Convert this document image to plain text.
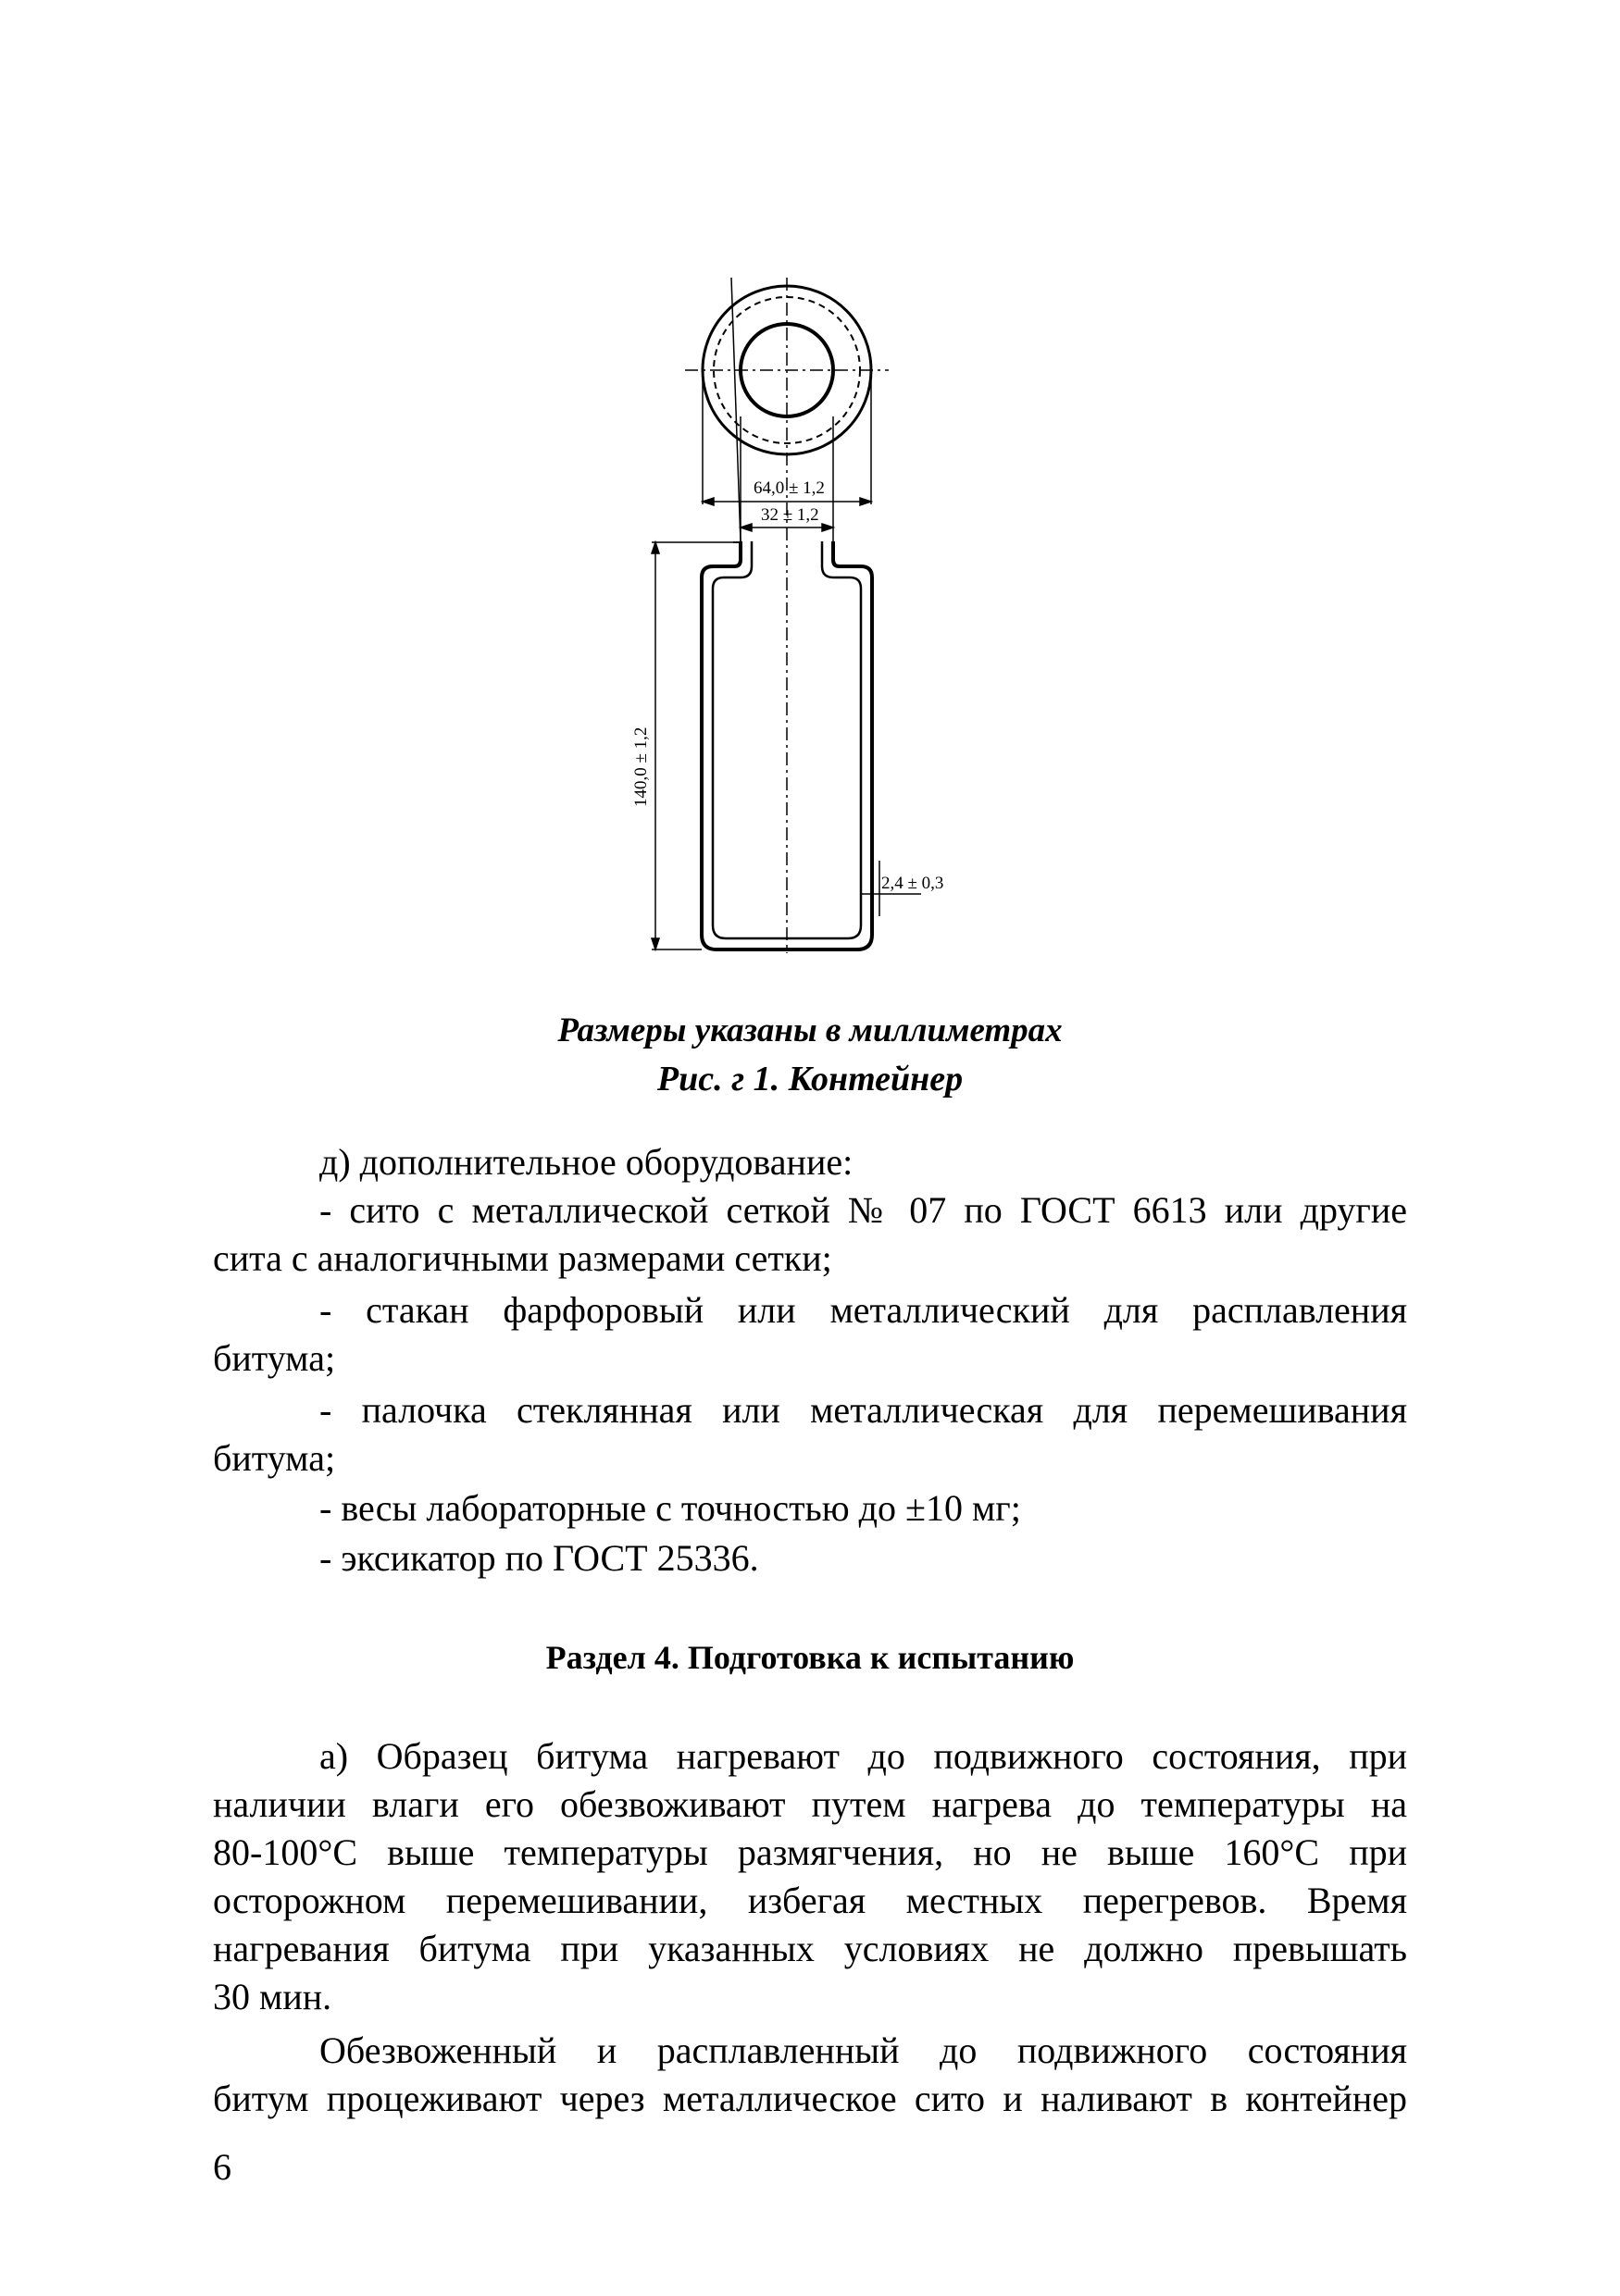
64,0 ± 1,2
32 ± 1,2
140,0 ± 1,2
2,4 ± 0,3
Размеры указаны в миллиметрах
Рис. г 1. Контейнер
д) дополнительное оборудование:
- сито с металлической сеткой № 07 по ГОСТ 6613 или другие
сита с аналогичными размерами сетки;
- стакан фарфоровый или металлический для расплавления
битума;
- палочка стеклянная или металлическая для перемешивания
битума;
- весы лабораторные с точностью до ±10 мг;
- эксикатор по ГОСТ 25336.
Раздел 4. Подготовка к испытанию
а) Образец битума нагревают до подвижного состояния, при
наличии влаги его обезвоживают путем нагрева до температуры на
80-100°С выше температуры размягчения, но не выше 160°С при
осторожном перемешивании, избегая местных перегревов. Время
нагревания битума при указанных условиях не должно превышать
30 мин.
Обезвоженный и расплавленный до подвижного состояния
битум процеживают через металлическое сито и наливают в контейнер
6
